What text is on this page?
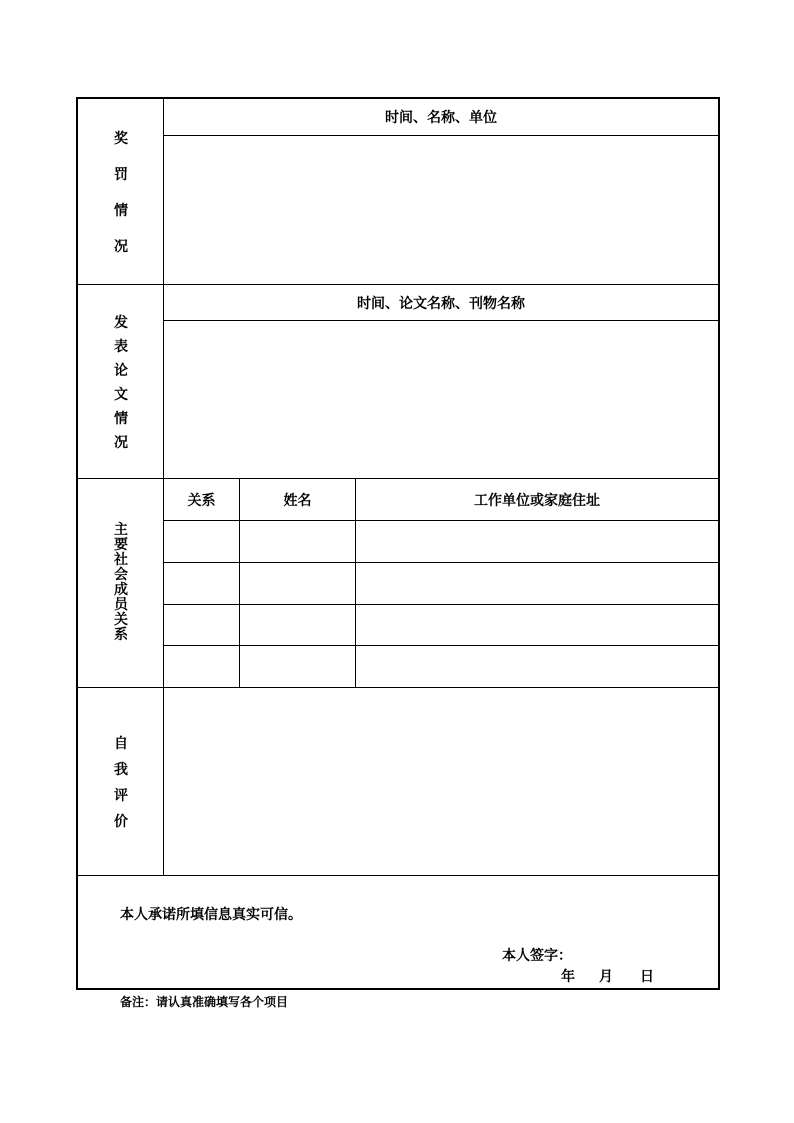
奖
罚
情
况
时间、名称、单位
发
表
论
文
情
况
时间、论文名称、刊物名称
主
要
社
会
成
员
关
系
关系	姓名	工作单位或家庭住址
自
我
评
价
本人承诺所填信息真实可信。
本人签字：
年 月 日
备注：请认真准确填写各个项目
